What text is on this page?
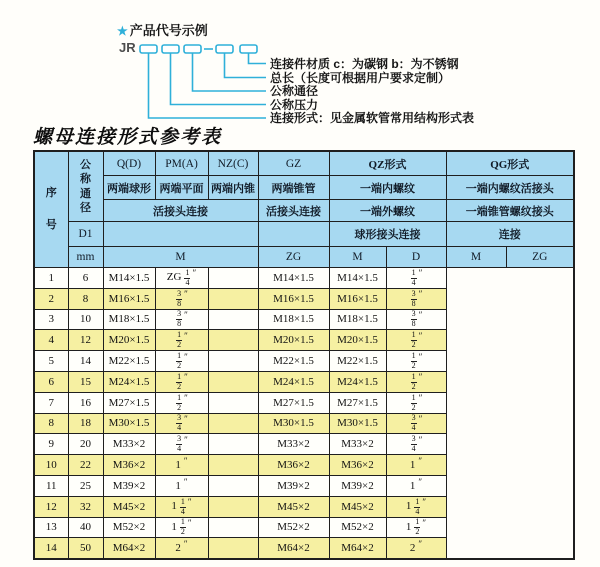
★ 产品代号示例
JR
连接件材质 c：为碳钢 b：为不锈钢
总长（长度可根据用户要求定制）
公称通径
公称压力
连接形式：见金属软管常用结构形式表
螺母连接形式参考表
序
号	公
称
通
径	Q(D)	PM(A)	NZ(C)	GZ	QZ形式		QG形式	
		两端球形	两端平面	两端内锥	两端锥管	一端内螺纹		一端内螺纹活接头	
		活接头连接			活接头连接	一端外螺纹		一端锥管螺纹接头	
	D1					球形接头连接		连接	
	mm	M			ZG	M	D	M	ZG
1	6	M14×1.5	ZG $\frac{1}{4} ''$		M14×1.5	M14×1.5	$\frac{1}{4} ''$
2	8	M16×1.5	$\frac{3}{8} ''$		M16×1.5	M16×1.5	$\frac{3}{8} ''$
3	10	M18×1.5	$\frac{3}{8} ''$		M18×1.5	M18×1.5	$\frac{3}{8} ''$
4	12	M20×1.5	$\frac{1}{2} ''$		M20×1.5	M20×1.5	$\frac{1}{2} ''$
5	14	M22×1.5	$\frac{1}{2} ''$		M22×1.5	M22×1.5	$\frac{1}{2} ''$
6	15	M24×1.5	$\frac{1}{2} ''$		M24×1.5	M24×1.5	$\frac{1}{2} ''$
7	16	M27×1.5	$\frac{1}{2} ''$		M27×1.5	M27×1.5	$\frac{1}{2} ''$
8	18	M30×1.5	$\frac{3}{4} ''$		M30×1.5	M30×1.5	$\frac{3}{4} ''$
9	20	M33×2	$\frac{3}{4} ''$		M33×2	M33×2	$\frac{3}{4} ''$
10	22	M36×2	1 ″		M36×2	M36×2	1 ″
11	25	M39×2	1 ″		M39×2	M39×2	1 ″
12	32	M45×2	$1 \frac{1}{4} ''$		M45×2	M45×2	$1 \frac{1}{4} ''$
13	40	M52×2	$1 \frac{1}{2} ''$		M52×2	M52×2	$1 \frac{1}{2} ''$
14	50	M64×2	2 ″		M64×2	M64×2	2 ″
